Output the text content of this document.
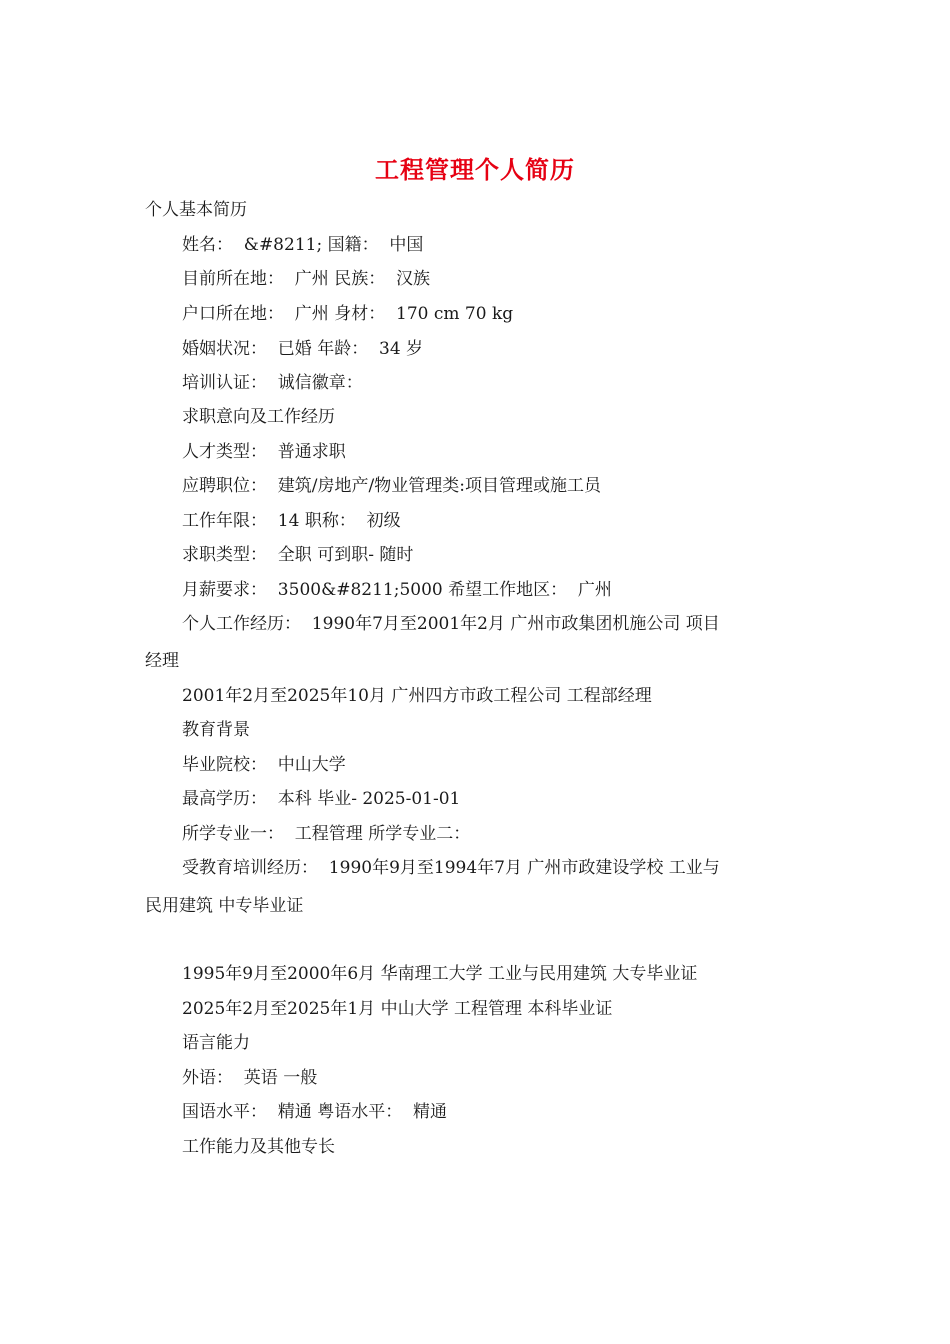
工程管理个人简历
个人基本简历
姓名：  &#8211; 国籍：  中国
目前所在地：  广州 民族：  汉族
户口所在地：  广州 身材：  170 cm 70 kg
婚姻状况：  已婚 年龄：  34 岁
培训认证：  诚信徽章：
求职意向及工作经历
人才类型：  普通求职
应聘职位：  建筑/房地产/物业管理类:项目管理或施工员
工作年限：  14 职称：  初级
求职类型：  全职 可到职- 随时
月薪要求：  3500&#8211;5000 希望工作地区：  广州
个人工作经历：  1990年7月至2001年2月 广州市政集团机施公司 项目
经理
2001年2月至2025年10月 广州四方市政工程公司 工程部经理
教育背景
毕业院校：  中山大学
最高学历：  本科 毕业- 2025-01-01
所学专业一：  工程管理 所学专业二：
受教育培训经历：  1990年9月至1994年7月 广州市政建设学校 工业与
民用建筑 中专毕业证
1995年9月至2000年6月 华南理工大学 工业与民用建筑 大专毕业证
2025年2月至2025年1月 中山大学 工程管理 本科毕业证
语言能力
外语：  英语 一般
国语水平：  精通 粤语水平：  精通
工作能力及其他专长
